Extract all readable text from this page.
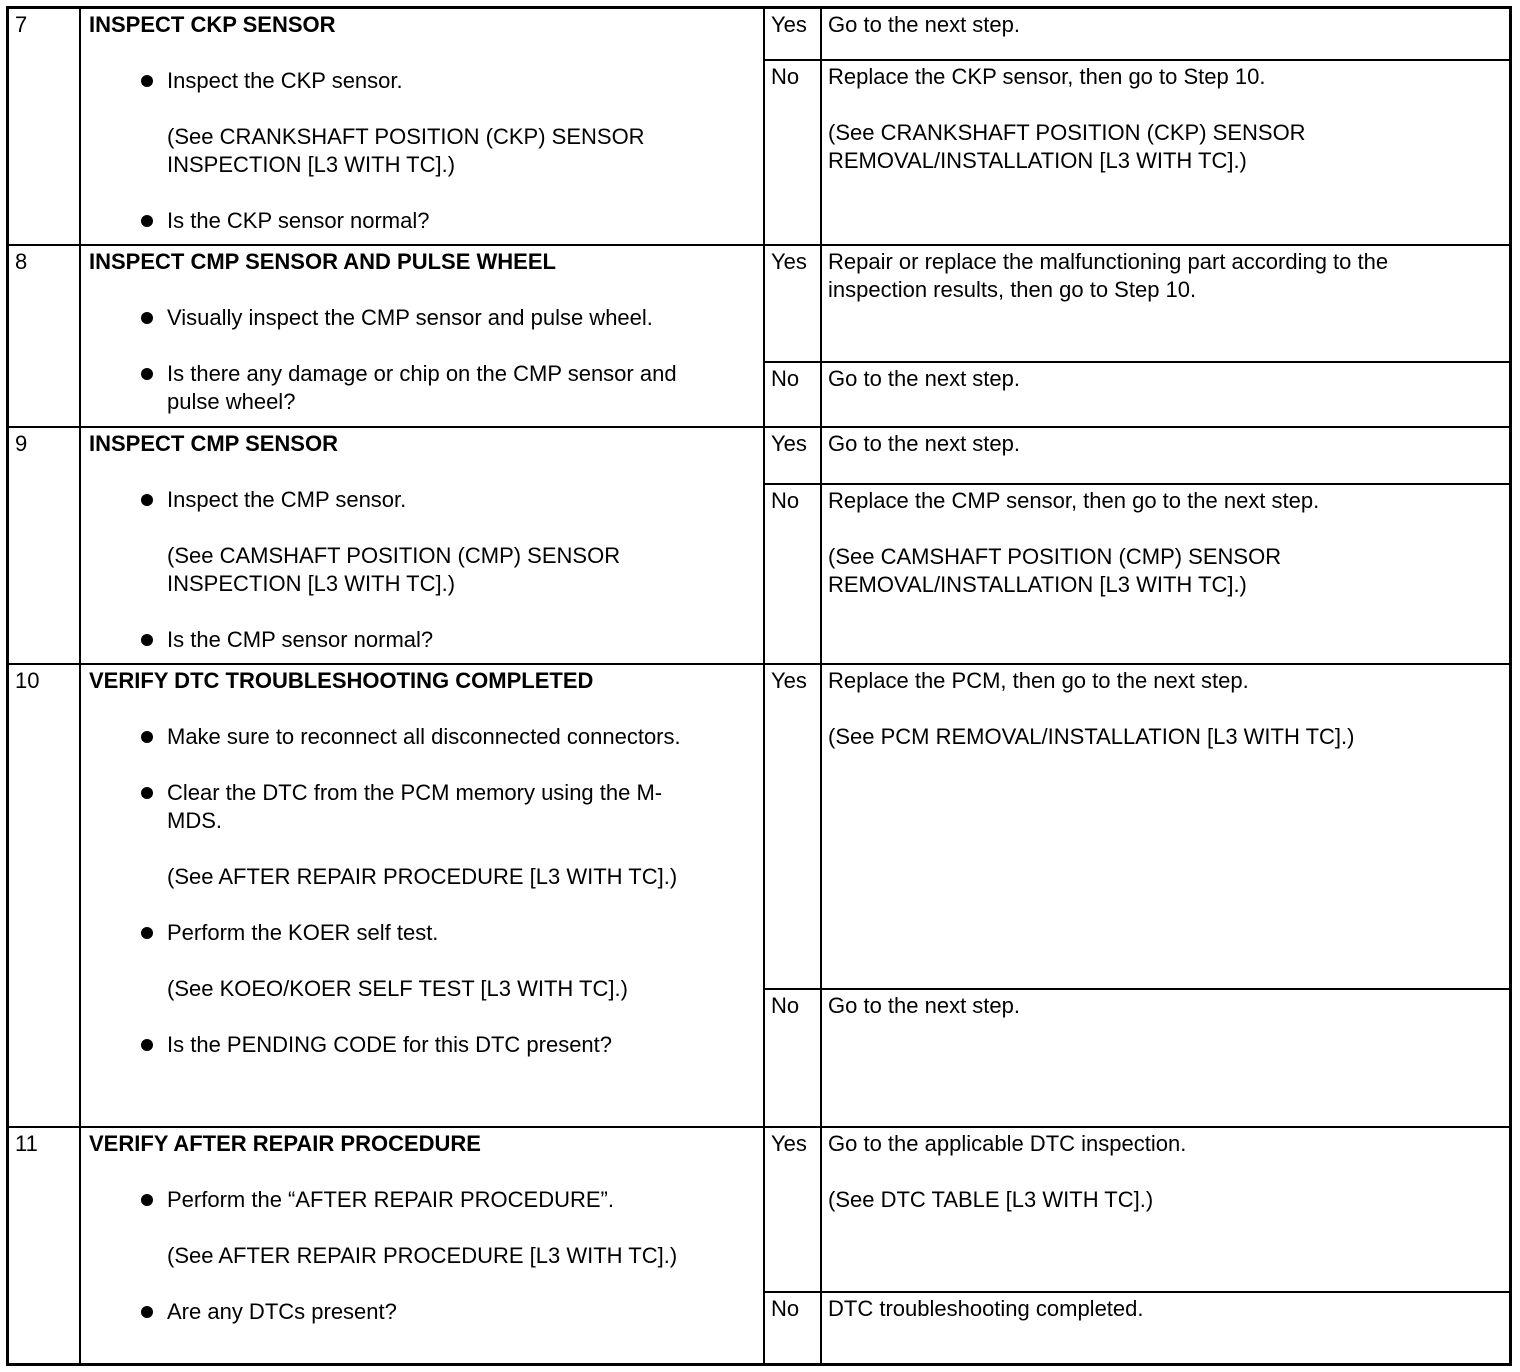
7	INSPECT CKP SENSOR

Inspect the CKP sensor.

(See CRANKSHAFT POSITION (CKP) SENSOR INSPECTION [L3 WITH TC].)

Is the CKP sensor normal?

Yes Go to the next step.

No	Replace the CKP sensor, then go to Step 10.

(See CRANKSHAFT POSITION (CKP) SENSOR REMOVAL/INSTALLATION [L3 WITH TC].)

8	INSPECT CMP SENSOR AND PULSE WHEEL

Visually inspect the CMP sensor and pulse wheel.

Is there any damage or chip on the CMP sensor and pulse wheel?

Yes Repair or replace the malfunctioning part according to the inspection results, then go to Step 10.

No	Go to the next step.

9	INSPECT CMP SENSOR

Inspect the CMP sensor.

(See CAMSHAFT POSITION (CMP) SENSOR INSPECTION [L3 WITH TC].)

Is the CMP sensor normal?

Yes Go to the next step.

No	Replace the CMP sensor, then go to the next step.

(See CAMSHAFT POSITION (CMP) SENSOR REMOVAL/INSTALLATION [L3 WITH TC].)

10	VERIFY DTC TROUBLESHOOTING COMPLETED

Make sure to reconnect all disconnected connectors.

Clear the DTC from the PCM memory using the M-MDS.

(See AFTER REPAIR PROCEDURE [L3 WITH TC].)

Perform the KOER self test.

(See KOEO/KOER SELF TEST [L3 WITH TC].)

Is the PENDING CODE for this DTC present?

Yes Replace the PCM, then go to the next step.

(See PCM REMOVAL/INSTALLATION [L3 WITH TC].)

No	Go to the next step.

11	VERIFY AFTER REPAIR PROCEDURE

Perform the “AFTER REPAIR PROCEDURE”.

(See AFTER REPAIR PROCEDURE [L3 WITH TC].)

Are any DTCs present?

Yes Go to the applicable DTC inspection.

(See DTC TABLE [L3 WITH TC].)

No	DTC troubleshooting completed.
